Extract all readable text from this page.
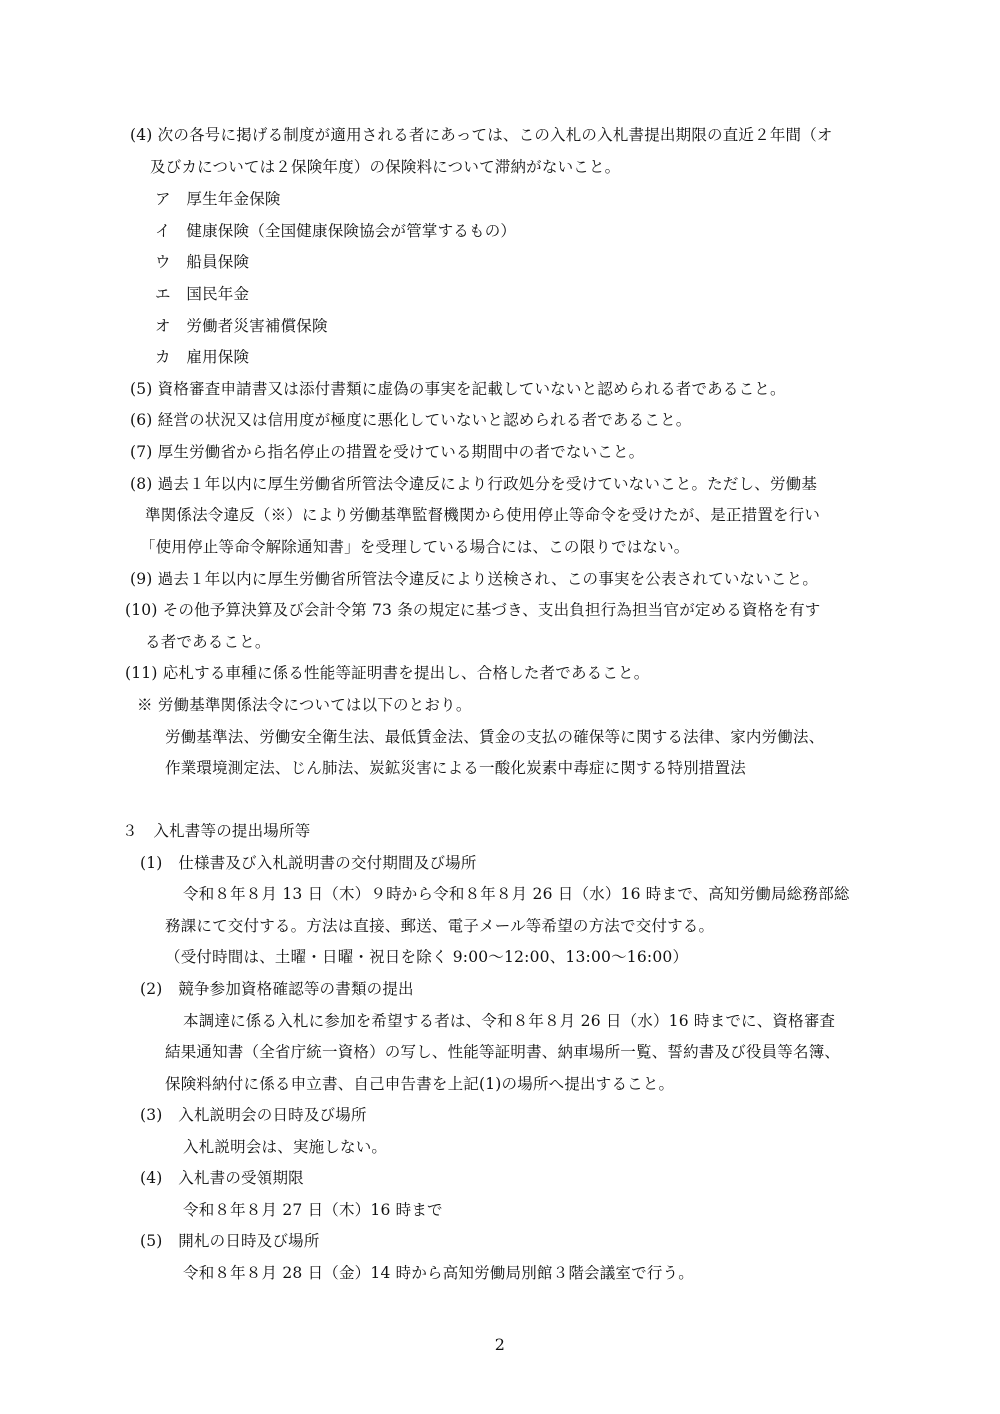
(4) 次の各号に掲げる制度が適用される者にあっては、この入札の入札書提出期限の直近２年間（オ
及びカについては２保険年度）の保険料について滞納がないこと。
ア　厚生年金保険
イ　健康保険（全国健康保険協会が管掌するもの）
ウ　船員保険
エ　国民年金
オ　労働者災害補償保険
カ　雇用保険
(5) 資格審査申請書又は添付書類に虚偽の事実を記載していないと認められる者であること。
(6) 経営の状況又は信用度が極度に悪化していないと認められる者であること。
(7) 厚生労働省から指名停止の措置を受けている期間中の者でないこと。
(8) 過去１年以内に厚生労働省所管法令違反により行政処分を受けていないこと。ただし、労働基
準関係法令違反（※）により労働基準監督機関から使用停止等命令を受けたが、是正措置を行い
「使用停止等命令解除通知書」を受理している場合には、この限りではない。
(9) 過去１年以内に厚生労働省所管法令違反により送検され、この事実を公表されていないこと。
(10) その他予算決算及び会計令第 73 条の規定に基づき、支出負担行為担当官が定める資格を有す
る者であること。
(11) 応札する車種に係る性能等証明書を提出し、合格した者であること。
※ 労働基準関係法令については以下のとおり。
労働基準法、労働安全衛生法、最低賃金法、賃金の支払の確保等に関する法律、家内労働法、
作業環境測定法、じん肺法、炭鉱災害による一酸化炭素中毒症に関する特別措置法
３　入札書等の提出場所等
(1)　仕様書及び入札説明書の交付期間及び場所
令和８年８月 13 日（木）９時から令和８年８月 26 日（水）16 時まで、高知労働局総務部総
務課にて交付する。方法は直接、郵送、電子メール等希望の方法で交付する。
（受付時間は、土曜・日曜・祝日を除く 9:00～12:00、13:00～16:00）
(2)　競争参加資格確認等の書類の提出
本調達に係る入札に参加を希望する者は、令和８年８月 26 日（水）16 時までに、資格審査
結果通知書（全省庁統一資格）の写し、性能等証明書、納車場所一覧、誓約書及び役員等名簿、
保険料納付に係る申立書、自己申告書を上記(1)の場所へ提出すること。
(3)　入札説明会の日時及び場所
入札説明会は、実施しない。
(4)　入札書の受領期限
令和８年８月 27 日（木）16 時まで
(5)　開札の日時及び場所
令和８年８月 28 日（金）14 時から高知労働局別館３階会議室で行う。
2
